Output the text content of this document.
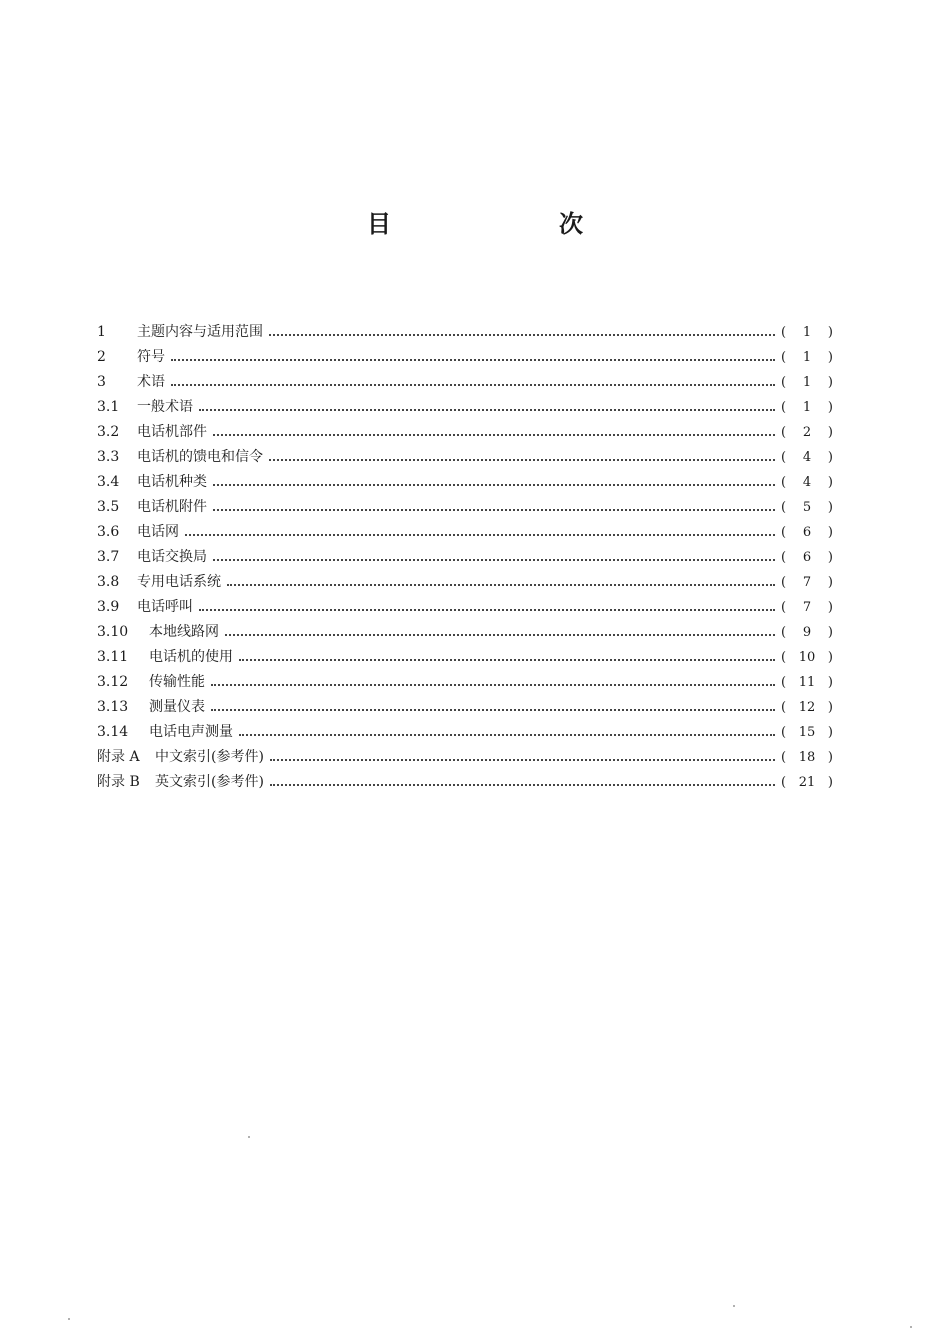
目　次
1	主题内容与适用范围	(	1	)
2	符号	(	1	)
3	术语	(	1	)
3.1	一般术语	(	1	)
3.2	电话机部件	(	2	)
3.3	电话机的馈电和信令	(	4	)
3.4	电话机种类	(	4	)
3.5	电话机附件	(	5	)
3.6	电话网	(	6	)
3.7	电话交换局	(	6	)
3.8	专用电话系统	(	7	)
3.9	电话呼叫	(	7	)
3.10	本地线路网	(	9	)
3.11	电话机的使用	( 10 )
3.12	传输性能	( 11 )
3.13	测量仪表	( 12 )
3.14	电话电声测量	( 15 )
附录 A	中文索引(参考件)	( 18 )
附录 B	英文索引(参考件)	( 21 )
